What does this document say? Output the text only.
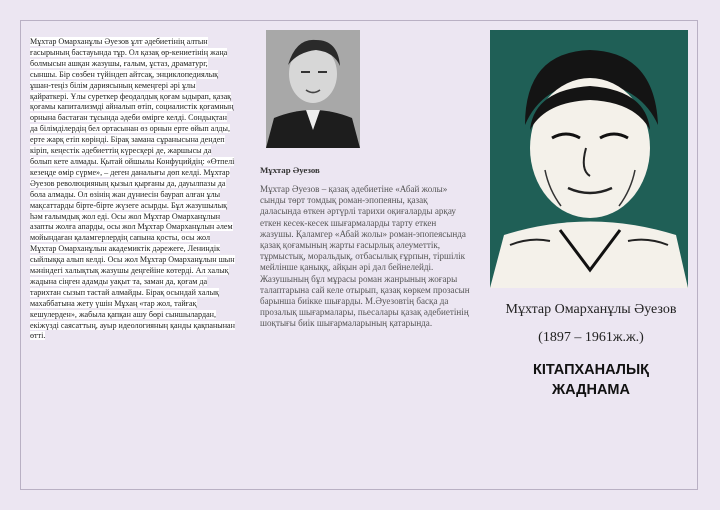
Мұхтар Омарханұлы Әуезов ұлт әдебиетінің алтын ғасырының бастауында тұр. Ол қазақ өр-кениетінің жаңа болмысын ашқан жазушы, ғалым, ұстаз, драматург, сыншы. Бір сөзбен түйіндеп айтсақ, энциклопедиялық ұшан-теңіз білім дариясының кемеңгері әрі ұлы қайраткері. Ұлы суреткер феодалдық қоғам ыдырап, қазақ қоғамы капитализмді айналып өтіп, социалистік қоғамның орнына бастаған тұсында әдеби өмірге келді. Сондықтан да білімділердің бел ортасынан өз орнын ерте өйып алды, ерте жарқ етіп көрінді. Бірақ замана сұранысына дендеп кіріп, кеңестік әдебиеттің күресқері де, жаршысы да болып кете алмады. Қытай ойшылы Конфуцийдің: «Өтпелі кезеңде өмір сүрме», – деген даналығы дөп келді. Мұхтар Әуезов революцияның қызыл қырғаны да, дауылпазы да бола алмады. Ол өзінің жан дүниесін баурап алған ұлы мақсаттарды бірте-бірте жүзеге асырды. Бұл жазушылық һәм ғалымдық жол еді. Осы жол Мұхтар Омарханұлын азапты жолға апарды, осы жол Мұхтар Омарханұлын әлем мойындаған қаламгерлердің сапына қосты, осы жол Мұхтар Омарханұлын академиктік дәрежеге, Лениндік сыйлыққа алып келді. Осы жол Мұхтар Омарханұлын шын мәніндегі халықтық жазушы деңгейіне көтерді. Ал халық жадына сіңген адамды уақыт та, заман да, қоғам да тарихтан сызып тастай алмайды. Бірақ осындай халық махаббатына жету үшін Мұхаң «тар жол, тайғақ кешулерден», жабыла қапқан ашу бөрі сыншылардан, екіжүзді саясаттың, ауыр идеологияның қанды қақпанынан өтті.
Мұхтар Әуезов
Мұхтар Әуезов – қазақ әдебиетіне «Абай жолы» сынды төрт томдық роман-эпопеяны, қазақ даласында өткен әртүрлі тарихи оқиғаларды арқау еткен кесек-кесек шығармаларды тарту еткен жазушы. Қаламгер «Абай жолы» роман-эпопеясында қазақ қоғамының жарты ғасырлық әлеуметтік, тұрмыстық, моральдық, отбасылық ғұрпын, тіршілік мейлінше қаныққ, айқын әрі дәл бейнелейді. Жазушының бұл мұрасы роман жанрының жоғары талаптарына сай келе отырып, қазақ көркем прозасын барынша биікке шығарды. М.Әуезовтің басқа да прозалық шығармалары, пьесалары қазақ әдебиетінің шоқтығы биік шығармаларының қатарында.
Мұхтар Омарханұлы Әуезов
(1897 – 1961ж.ж.)
КІТАПХАНАЛЫҚ
ЖАДНАМА
